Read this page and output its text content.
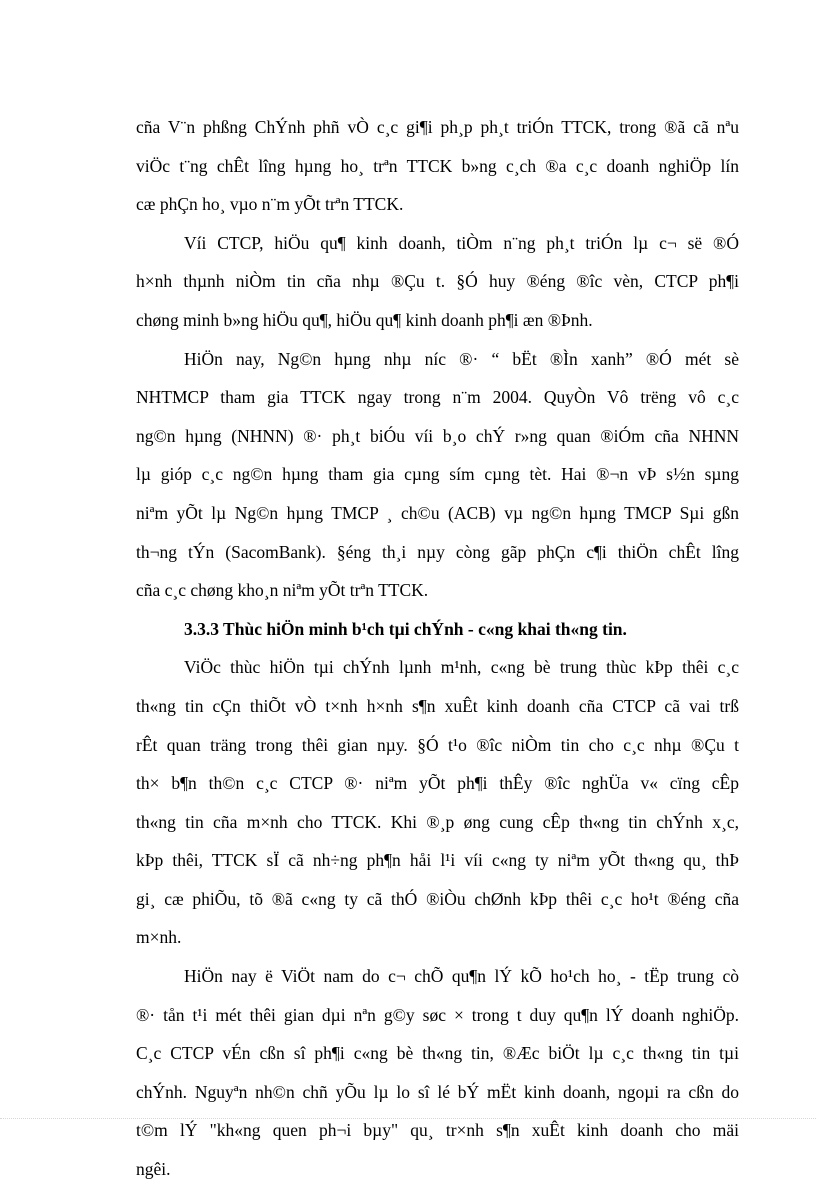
cña V¨n phßng ChÝnh phñ vÒ c¸c gi¶i ph¸p ph¸t triÓn TTCK, trong ®ã cã nªu
viÖc t¨ng chÊt lîng hµng ho¸ trªn TTCK b»ng c¸ch ®a c¸c doanh nghiÖp lín
cæ phÇn ho¸ vµo n¨m yÕt trªn TTCK.
Víi CTCP, hiÖu qu¶ kinh doanh, tiÒm n¨ng ph¸t triÓn lµ c¬ së ®Ó
h×nh thµnh niÒm tin cña nhµ ®Çu t. §Ó huy ®éng ®îc vèn, CTCP ph¶i
chøng minh b»ng hiÖu qu¶, hiÖu qu¶ kinh doanh ph¶i æn ®Þnh.
HiÖn nay, Ng©n hµng nhµ níc ®· “ bËt ®Ìn xanh” ®Ó mét sè
NHTMCP tham gia TTCK ngay trong n¨m 2004. QuyÒn Vô trëng vô c¸c
ng©n hµng (NHNN) ®· ph¸t biÓu víi b¸o chÝ r»ng quan ®iÓm cña NHNN
lµ gióp c¸c ng©n hµng tham gia cµng sím cµng tèt. Hai ®¬n vÞ s½n sµng
niªm yÕt lµ Ng©n hµng TMCP ¸ ch©u (ACB) vµ ng©n hµng TMCP Sµi gßn
th¬ng tÝn (SacomBank). §éng th¸i nµy còng gãp phÇn c¶i thiÖn chÊt lîng
cña c¸c chøng kho¸n niªm yÕt trªn TTCK.
3.3.3 Thùc hiÖn minh b¹ch tµi chÝnh - c«ng khai th«ng tin.
ViÖc thùc hiÖn tµi chÝnh lµnh m¹nh, c«ng bè trung thùc kÞp thêi c¸c
th«ng tin cÇn thiÕt vÒ t×nh h×nh s¶n xuÊt kinh doanh cña CTCP cã vai trß
rÊt quan träng trong thêi gian nµy. §Ó t¹o ®îc niÒm tin cho c¸c nhµ ®Çu t
th× b¶n th©n c¸c CTCP ®· niªm yÕt ph¶i thÊy ®îc nghÜa v« cïng cÊp
th«ng tin cña m×nh cho TTCK. Khi ®¸p øng cung cÊp th«ng tin chÝnh x¸c,
kÞp thêi, TTCK sÏ cã nh÷ng ph¶n håi l¹i víi c«ng ty niªm yÕt th«ng qu¸ thÞ
gi¸ cæ phiÕu, tõ ®ã c«ng ty cã thÓ ®iÒu chØnh kÞp thêi c¸c ho¹t ®éng cña
m×nh.
HiÖn nay ë ViÖt nam do c¬ chÕ qu¶n lÝ kÕ ho¹ch ho¸ - tËp trung cò
®· tån t¹i mét thêi gian dµi nªn g©y søc × trong t duy qu¶n lÝ doanh nghiÖp.
C¸c CTCP vÉn cßn sî ph¶i c«ng bè th«ng tin, ®Æc biÖt lµ c¸c th«ng tin tµi
chÝnh. Nguyªn nh©n chñ yÕu lµ lo sî lé bÝ mËt kinh doanh, ngoµi ra cßn do
t©m lÝ "kh«ng quen ph¬i bµy" qu¸ tr×nh s¶n xuÊt kinh doanh cho mäi
ngêi.
